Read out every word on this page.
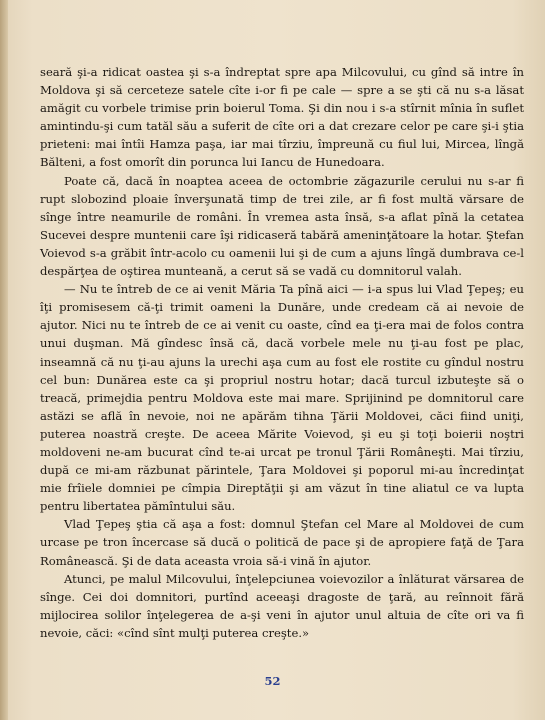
seară şi-a ridicat oastea şi s-a îndreptat spre apa Milcovului, cu gînd să intre în Moldova şi să cerceteze satele cîte i-or fi pe cale — spre a se şti că nu s-a lăsat amăgit cu vorbele trimise prin boierul Toma. Şi din nou i s-a stîrnit mînia în suflet amintindu-şi cum tatăl său a suferit de cîte ori a dat crezare celor pe care şi-i ştia prieteni: mai întîi Hamza paşa, iar mai tîrziu, împreună cu fiul lui, Mircea, lîngă Bălteni, a fost omorît din porunca lui Iancu de Hunedoara.

Poate că, dacă în noaptea aceea de octombrie zăgazurile cerului nu s-ar fi rupt slobozind ploaie înverşunată timp de trei zile, ar fi fost multă vărsare de sînge între neamurile de români. În vremea asta însă, s-a aflat pînă la cetatea Sucevei despre muntenii care îşi ridicaseră tabără ameninţătoare la hotar. Ştefan Voievod s-a grăbit într-acolo cu oamenii lui şi de cum a ajuns lîngă dumbrava ce-l despărţea de oştirea munteană, a cerut să se vadă cu domnitorul valah.

— Nu te întreb de ce ai venit Măria Ta pînă aici — i-a spus lui Vlad Ţepeş; eu îţi promisesem că-ţi trimit oameni la Dunăre, unde credeam că ai nevoie de ajutor. Nici nu te întreb de ce ai venit cu oaste, cînd ea ţi-era mai de folos contra unui duşman. Mă gîndesc însă că, dacă vorbele mele nu ţi-au fost pe plac, inseamnă că nu ţi-au ajuns la urechi aşa cum au fost ele rostite cu gîndul nostru cel bun: Dunărea este ca şi propriul nostru hotar; dacă turcul izbuteşte să o treacă, primejdia pentru Moldova este mai mare. Sprijinind pe domnitorul care astăzi se află în nevoie, noi ne apărăm tihna Ţării Moldovei, căci fiind uniţi, puterea noastră creşte. De aceea Mărite Voievod, şi eu şi toţi boierii noştri moldoveni ne-am bucurat cînd te-ai urcat pe tronul Ţării Româneşti. Mai tîrziu, după ce mi-am răzbunat părintele, Ţara Moldovei şi poporul mi-au încredinţat mie frîiele domniei pe cîmpia Direptăţii şi am văzut în tine aliatul ce va lupta pentru libertatea pămîntului său.

Vlad Ţepeş ştia că aşa a fost: domnul Ştefan cel Mare al Moldovei de cum urcase pe tron încercase să ducă o politică de pace şi de apropiere faţă de Ţara Românească. Şi de data aceasta vroia să-i vină în ajutor.

Atunci, pe malul Milcovului, înţelepciunea voievozilor a înlăturat vărsarea de sînge. Cei doi domnitori, purtînd aceeaşi dragoste de ţară, au reînnoit fără mijlocirea solilor înţelegerea de a-şi veni în ajutor unul altuia de cîte ori va fi nevoie, căci: «cînd sînt mulţi puterea creşte.»

52
